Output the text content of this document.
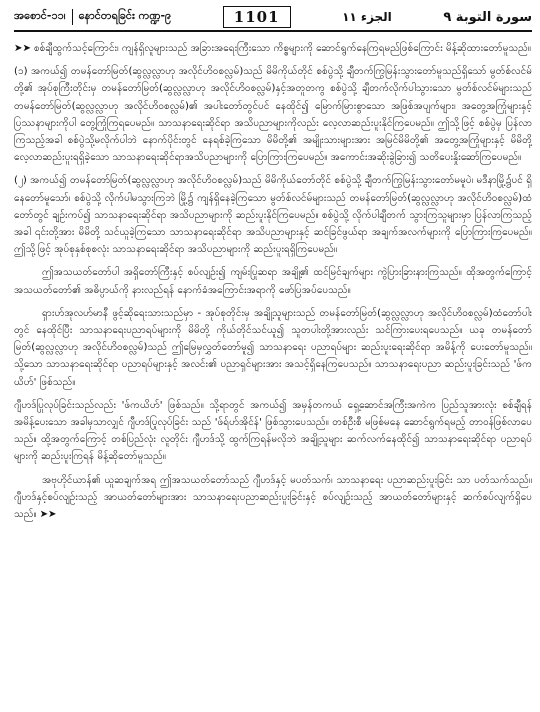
အစောင်-၁၁၊ နောင်တရခြင်း ကဏ္ဍ-၉	1101	الجزء ١١	سورة التوبة ٩

➤➤ စစ်ချီထွက်သင့်ကြောင်း၊ ကျန်ရှိလူများသည် အခြားအရေးကြီးသော ကိစ္စများကို ဆောင်ရွက်နေကြရမည်ဖြစ်ကြောင်း မိန့်ဆိုထားတော်မူသည်။

(၁) အကယ်၍ တမန်တော်မြတ်(ဆွလ္လလ္လာဟု အလိုင်ဟိဝစလ္လမ်)သည် မိမိကိုယ်တိုင် စစ်ပွဲသို့ ချီတက်ကြွမြန်းသွားတော်မူသည်ရှိသော် မွတ်စ်လင်မ်တို့၏ အုပ်စုကြီးတိုင်းမှ တမန်တော်မြတ်(ဆွလ္လလ္လာဟု အလိုင်ဟိဝစလ္လမ်)နှင့်အတူတကွ စစ်ပွဲသို့ ချီတက်လိုက်ပါသွားသော မွတ်စ်လင်မ်များသည် တမန်တော်မြတ်(ဆွလ္လလ္လာဟု အလိုင်ဟိဝစလ္လမ်)၏ အပါးတော်တွင်ပင် နေထိုင်၍ မြောက်မြားစွာသော အဖြစ်အပျက်များ၊ အတွေ့အကြုံများနှင့် ပြဿနာများကိုပါ တွေ့ကြုံကြရပေမည်။ သာသနာရေးဆိုင်ရာ အသိပညာများကိုလည်း လေ့လာဆည်းပူးနိုင်ကြပေမည်။ ဤသို့ဖြင့် စစ်ပွဲမှ ပြန်လာကြသည့်အခါ စစ်ပွဲသို့မလိုက်ပါဘဲ နောက်ပိုင်းတွင် နေရစ်ခဲ့ကြသော မိမိတို့၏ အမျိုးသားများအား အမြင်မိမိတို့၏ အတွေ့အကြုံများနှင့် မိမိတို့လေ့လာဆည်းပူးရရှိခဲ့သော သာသနာရေးဆိုင်ရာအသိပညာများကို ပြောကြားကြပေမည်။ အကောင်းအဆိုးခွဲခြား၍ သတိပေးနှိုးဆော်ကြပေမည်။

(၂) အကယ်၍ တမန်တော်မြတ်(ဆွလ္လလ္လာဟု အလိုင်ဟိဝစလ္လမ်)သည် မိမိကိုယ်တော်တိုင် စစ်ပွဲသို့ ချီတက်ကြွမြန်းသွားတော်မမူပဲ၊ မဒီနာမြို့၌ပင် ရှိနေတော်မူသော်၊ စစ်ပွဲသို့ လိုက်ပါမသွားကြဘဲ မြို့၌ ကျန်ရှိနေခဲ့ကြသော မွတ်စ်လင်မ်များသည် တမန်တော်မြတ်(ဆွလ္လလ္လာဟု အလိုင်ဟိဝစလ္လမ်)ထံတော်တွင် ချဉ်းကပ်၍ သာသနာရေးဆိုင်ရာ အသိပညာများကို ဆည်းပူးနိုင်ကြပေမည်။ စစ်ပွဲသို့ လိုက်ပါချီတက် သွားကြသူများမှာ ပြန်လာကြသည့်အခါ ၎င်းတို့အား မိမိတို့ သင်ယူခဲ့ကြသော သာသနာရေးဆိုင်ရာ အသိပညာများနှင့် ဆင်ခြင်ဖွယ်ရာ အချက်အလက်များကို ပြောကြားကြပေမည်။ ဤသို့ဖြင့် အုပ်စုနှစ်စုစလုံး သာသနာရေးဆိုင်ရာ အသိပညာများကို ဆည်းပူးရရှိကြပေမည်။

ဤအသယတ်တော်ပါ အရှိတော်ကြီးနှင့် စပ်လျဉ်း၍ ကျမ်းပြုဆရာ အချို့၏ ထင်မြင်ချက်များ ကွဲပြားခြားနားကြသည်။ ထိုအတွက်ကြောင့် အသယတ်တော်၏ အဓိပ္ပာယ်ကို နားလည်ရန် နောက်ခံအကြောင်းအရာကို ဖော်ပြအပ်ပေသည်။

ရှားဟ်အုလဟ်မာနီ ဖွင့်ဆိုရေးသားသည်မှာ - အုပ်စုတိုင်းမှ အချို့သူများသည် တမန်တော်မြတ်(ဆွလ္လလ္လာဟု အလိုင်ဟိဝစလ္လမ်)ထံတော်ပါးတွင် နေထိုင်ပြီး သာသနာရေးပညာရပ်များကို မိမိတို့ ကိုယ်တိုင်သင်ယူ၍ သူတပါးတို့အားလည်း သင်ကြားပေးရပေသည်။ ယခု တမန်တော်မြတ်(ဆွလ္လလ္လာဟု အလိုင်ဟိဝစလ္လမ်)သည် ဤမြေမှလွှတ်တော်မူ၍ သာသနာရေး ပညာရပ်များ ဆည်းပူးရေးဆိုင်ရာ အမိန့်ကို ပေးတော်မူသည်။ သို့သော သာသနာရေးဆိုင်ရာ ပညာရပ်များနှင့် အလင်း၏ ပညာရှင်များအား အသင့်ရှိနေကြပေသည်။ သာသနာရေးပညာ ဆည်းပူးခြင်းသည် 'ဖ်ကယိဟ်' ဖြစ်သည်။

ဂျီဟဒ်ပြုလုပ်ခြင်းသည်လည်း 'ဖ်ကယိဟ်' ဖြစ်သည်။ သို့ရာတွင် အကယ်၍ အမှန်တကယ် ရှေ့ဆောင်အကြီးအကဲက ပြည်သူအားလုံး စစ်ချီရန်အမိန့်ပေးသော အခါမှသာလျှင် ဂျီဟဒ်ပြုလုပ်ခြင်း သည် 'ဖ်ရ်ဟ်အိုင်န်' ဖြစ်သွားပေသည်။ တစ်ဦးစီ မဖြစ်မနေ ဆောင်ရွက်ရမည့် တာဝန်ဖြစ်လာပေသည်။ ထို့အတွက်ကြောင့် တစ်ပြည်လုံး လူတိုင်း ဂျီဟဒ်သို့ ထွက်ကြရန်မလိုဘဲ အချို့သူများ ဆက်လက်နေထိုင်၍ သာသနာရေးဆိုင်ရာ ပညာရပ်များကို ဆည်းပူးကြရန် မိန့်ဆိုတော်မူသည်။

အဗုဟိုင်ယာန်၏ ယူဆချက်အရ ဤအသယတ်တော်သည် ဂျီဟဒ်နှင့် မပတ်သက်၊ သာသနာရေး ပညာဆည်းပူးခြင်း သာ ပတ်သက်သည်။ ဂျီဟဒ်နှင့်စပ်လျဉ်းသည့် အာယတ်တော်များအား သာသနာရေးပညာဆည်းပူးခြင်းနှင့် စပ်လျဉ်းသည့် အာယတ်တော်များနှင့် ဆက်စပ်လျက်ရှိပေသည်။ ➤➤
